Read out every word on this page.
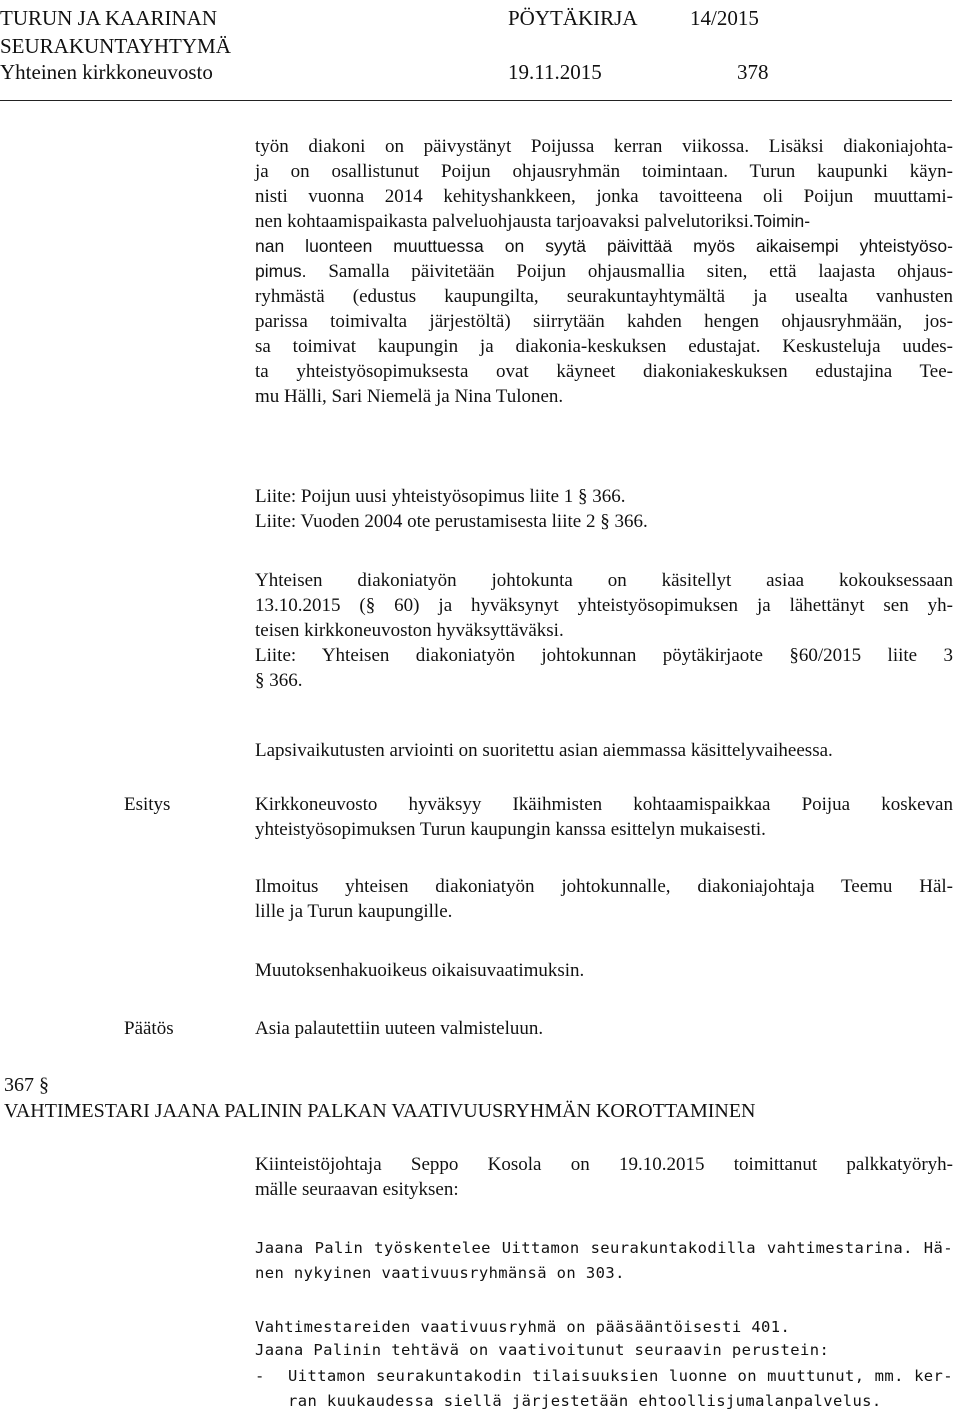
TURUN JA KAARINAN
SEURAKUNTAYHTYMÄ
Yhteinen kirkkoneuvosto
PÖYTÄKIRJA 14/2015
19.11.2015	378
työn diakoni on päivystänyt Poijussa kerran viikossa. Lisäksi diakoniajohta-
ja on osallistunut Poijun ohjausryhmän toimintaan. Turun kaupunki käyn-
nisti vuonna 2014 kehityshankkeen, jonka tavoitteena oli Poijun muuttami-
nen kohtaamispaikasta palveluohjausta tarjoavaksi palvelutoriksi.Toimin-
nan luonteen muuttuessa on syytä päivittää myös aikaisempi yhteistyöso-
pimus. Samalla päivitetään Poijun ohjausmallia siten, että laajasta ohjaus-
ryhmästä (edustus kaupungilta, seurakuntayhtymältä ja usealta vanhusten
parissa toimivalta järjestöltä) siirrytään kahden hengen ohjausryhmään, jos-
sa toimivat kaupungin ja diakonia-keskuksen edustajat. Keskusteluja uudes-
ta yhteistyösopimuksesta ovat käyneet diakoniakeskuksen edustajina Tee-
mu Hälli, Sari Niemelä ja Nina Tulonen.
Liite: Poijun uusi yhteistyösopimus liite 1 § 366.
Liite: Vuoden 2004 ote perustamisesta liite 2 § 366.
Yhteisen diakoniatyön johtokunta on käsitellyt asiaa kokouksessaan
13.10.2015 (§ 60) ja hyväksynyt yhteistyösopimuksen ja lähettänyt sen yh-
teisen kirkkoneuvoston hyväksyttäväksi.
Liite: Yhteisen diakoniatyön johtokunnan pöytäkirjaote §60/2015 liite 3
§ 366.
Lapsivaikutusten arviointi on suoritettu asian aiemmassa käsittelyvaiheessa.
Esitys	Kirkkoneuvosto hyväksyy Ikäihmisten kohtaamispaikkaa Poijua koskevan
yhteistyösopimuksen Turun kaupungin kanssa esittelyn mukaisesti.
Ilmoitus yhteisen diakoniatyön johtokunnalle, diakoniajohtaja Teemu Häl-
lille ja Turun kaupungille.
Muutoksenhakuoikeus oikaisuvaatimuksin.
Päätös	Asia palautettiin uuteen valmisteluun.
367 §
VAHTIMESTARI JAANA PALININ PALKAN VAATIVUUSRYHMÄN KOROTTAMINEN
Kiinteistöjohtaja Seppo Kosola on 19.10.2015 toimittanut palkkatyöryh-
mälle seuraavan esityksen:
Jaana Palin työskentelee Uittamon seurakuntakodilla vahtimestarina. Hä-
nen nykyinen vaativuusryhmänsä on 303.
Vahtimestareiden vaativuusryhmä on pääsääntöisesti 401.
Jaana Palinin tehtävä on vaativoitunut seuraavin perustein:
- Uittamon seurakuntakodin tilaisuuksien luonne on muuttunut, mm. ker-
ran kuukaudessa siellä järjestetään ehtoollisjumalanpalvelus.
